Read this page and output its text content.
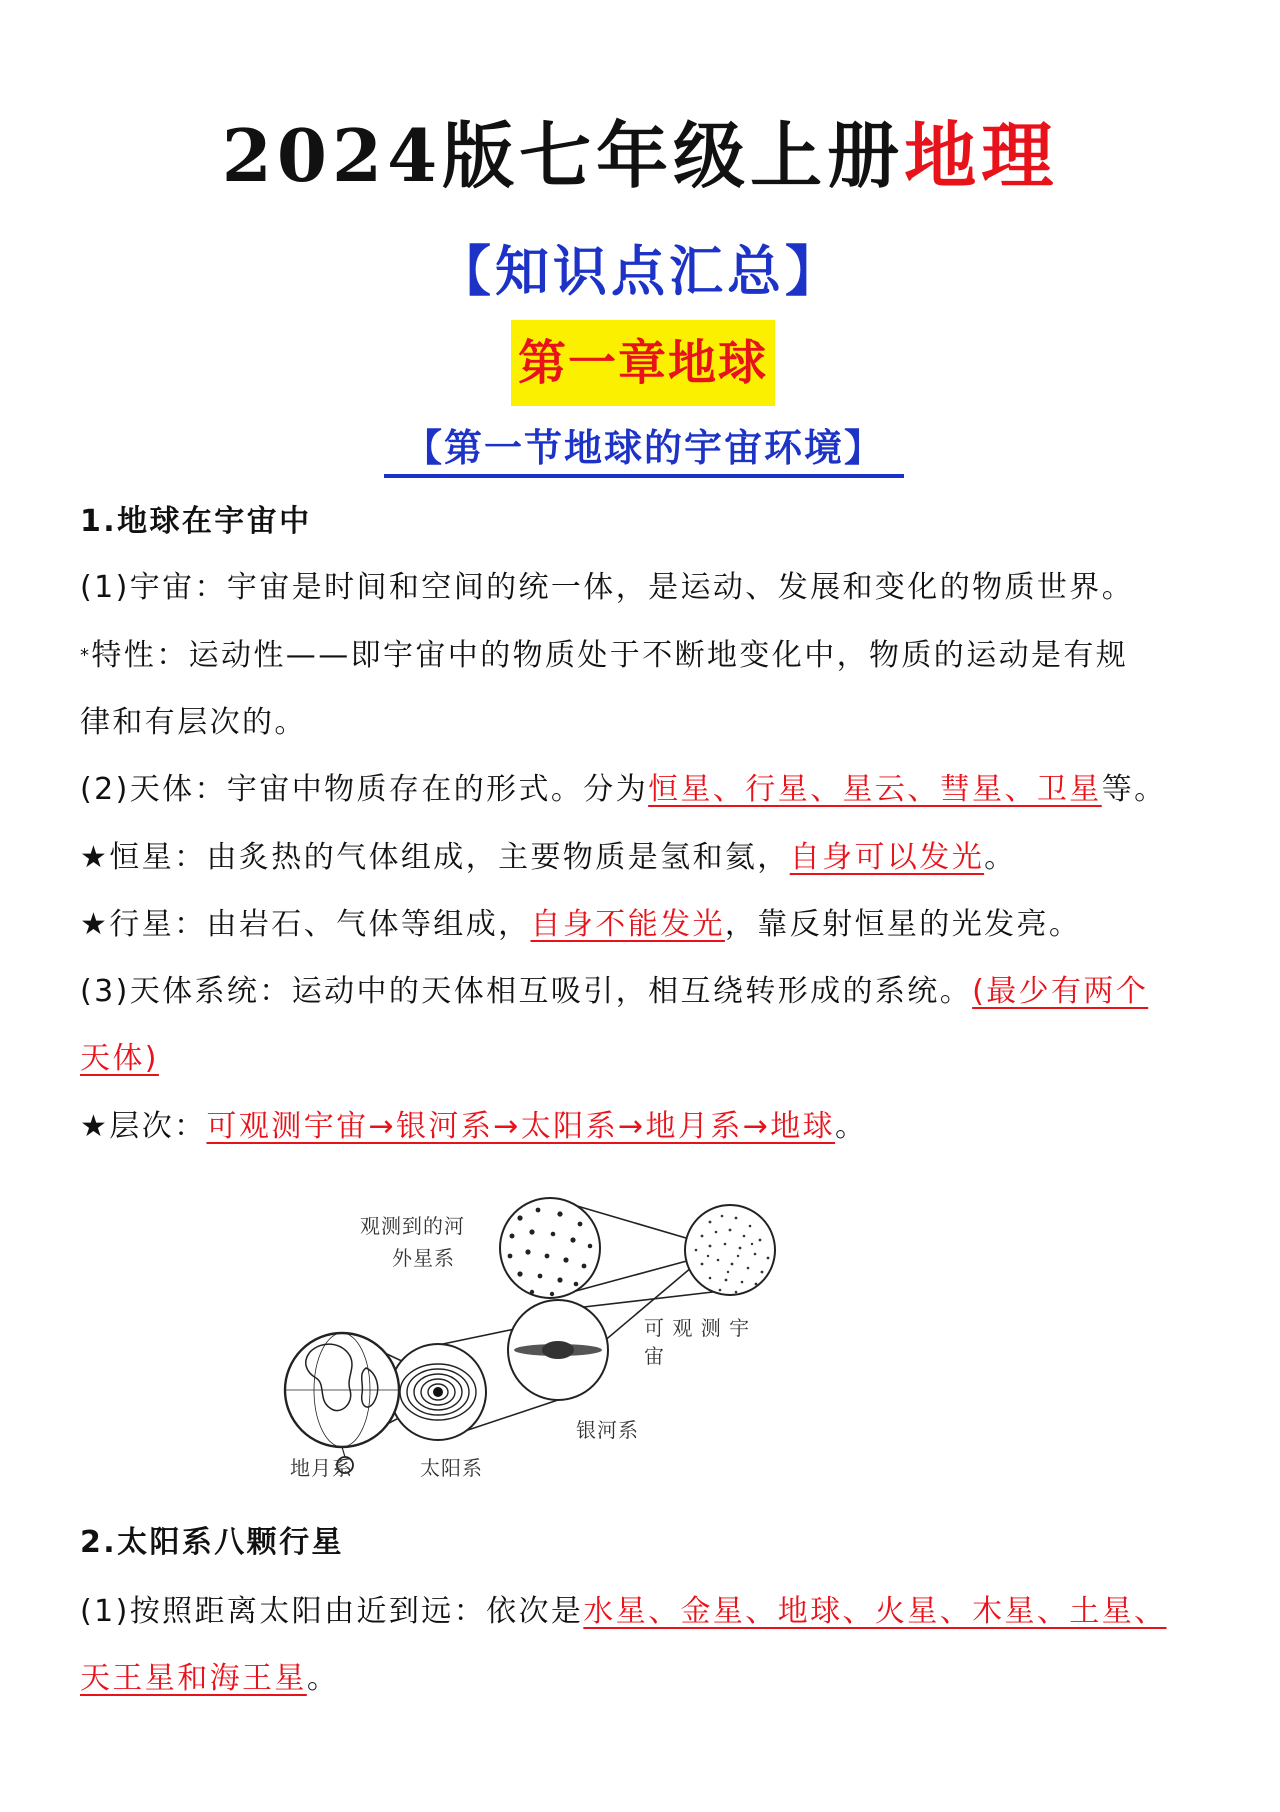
2024版七年级上册地理
【知识点汇总】
第一章地球
【第一节地球的宇宙环境】
1.地球在宇宙中
(1)宇宙：宇宙是时间和空间的统一体，是运动、发展和变化的物质世界。
*特性：运动性——即宇宙中的物质处于不断地变化中，物质的运动是有规
律和有层次的。
(2)天体：宇宙中物质存在的形式。分为恒星、行星、星云、彗星、卫星等。
★恒星：由炙热的气体组成，主要物质是氢和氦，自身可以发光。
★行星：由岩石、气体等组成，自身不能发光，靠反射恒星的光发亮。
(3)天体系统：运动中的天体相互吸引，相互绕转形成的系统。(最少有两个
天体)
★层次：可观测宇宙→银河系→太阳系→地月系→地球。
观测到的河
外星系
可 观 测 宇
宙
银河系
地月系	太阳系
2.太阳系八颗行星
(1)按照距离太阳由近到远：依次是水星、金星、地球、火星、木星、土星、
天王星和海王星。
